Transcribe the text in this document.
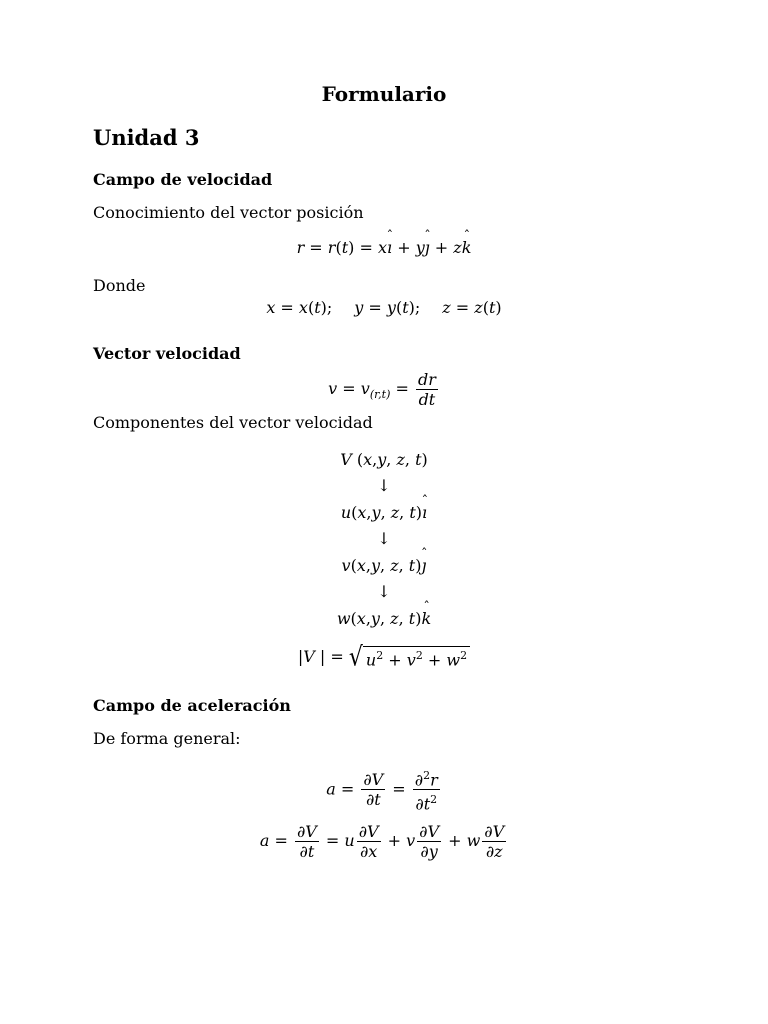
Formulario
Unidad 3
Campo de velocidad
Conocimiento del vector posición
r = r(t) = xı ˆ + yȷ ˆ + zk ˆ
Donde
x = x(t); y = y(t); z = z(t)
Vector velocidad
$v = v_{(r,t)} = \frac{dr}{dt}$
Componentes del vector velocidad
V (x,y, z, t)
↓
u(x,y, z, t)ı ˆ
↓
v(x,y, z, t)ȷ ˆ
↓
w(x,y, z, t)k ˆ
|V | = √ $u^2 + v^2 + w^2$
Campo de aceleración
De forma general:
$a = \frac{\partial V}{\partial t} = \frac{\partial^2r}{\partial t^2}$
$a = \frac{\partial V}{\partial t} = u \frac{\partial V}{\partial x} + v \frac{\partial V}{\partial y} + w \frac{\partial V}{\partial z}$
